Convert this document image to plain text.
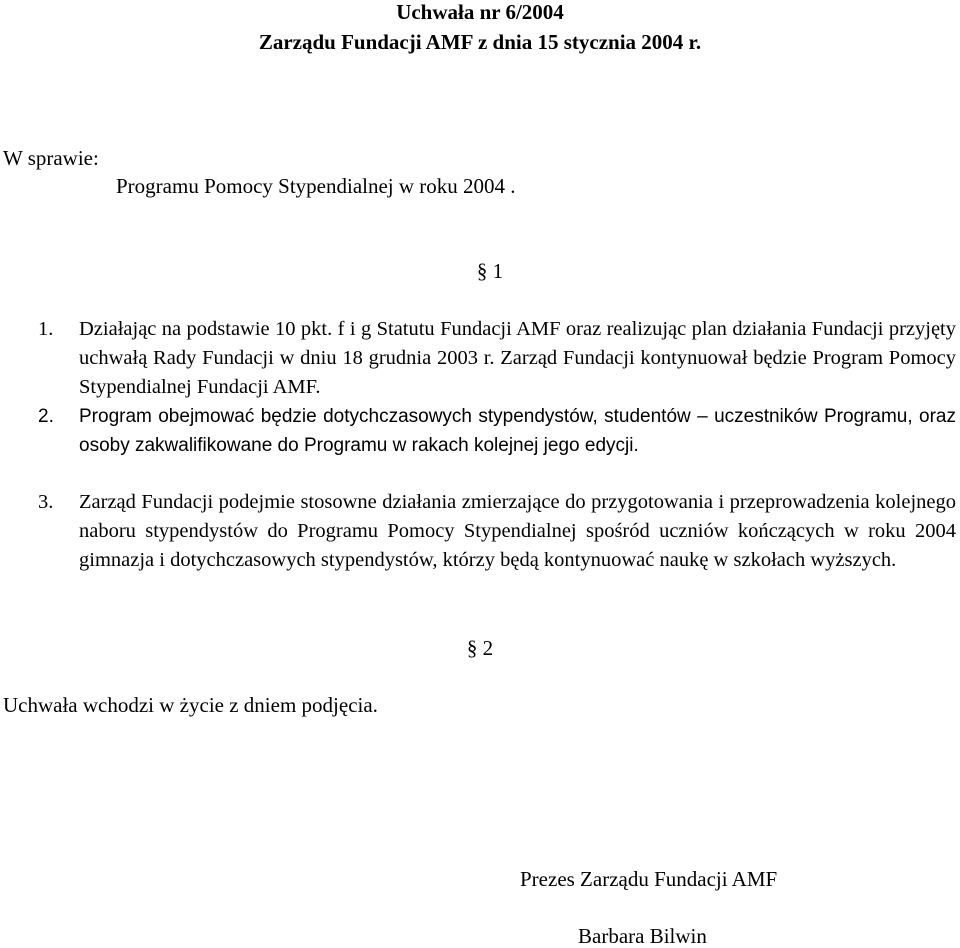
Uchwała nr 6/2004
Zarządu Fundacji AMF z dnia 15 stycznia 2004 r.
W sprawie:
Programu Pomocy Stypendialnej w roku 2004 .
§ 1
1. Działając na podstawie 10 pkt. f i g Statutu Fundacji AMF oraz realizując plan działania Fundacji przyjęty uchwałą Rady Fundacji w dniu 18 grudnia 2003 r. Zarząd Fundacji kontynuował będzie Program Pomocy Stypendialnej Fundacji AMF.
2. Program obejmować będzie dotychczasowych stypendystów, studentów – uczestników Programu, oraz osoby zakwalifikowane do Programu w rakach kolejnej jego edycji.
3. Zarząd Fundacji podejmie stosowne działania zmierzające do przygotowania i przeprowadzenia kolejnego naboru stypendystów do Programu Pomocy Stypendialnej spośród uczniów kończących w roku 2004 gimnazja i dotychczasowych stypendystów, którzy będą kontynuować naukę w szkołach wyższych.
§ 2
Uchwała wchodzi w życie z dniem podjęcia.
Prezes Zarządu Fundacji AMF
Barbara Bilwin
